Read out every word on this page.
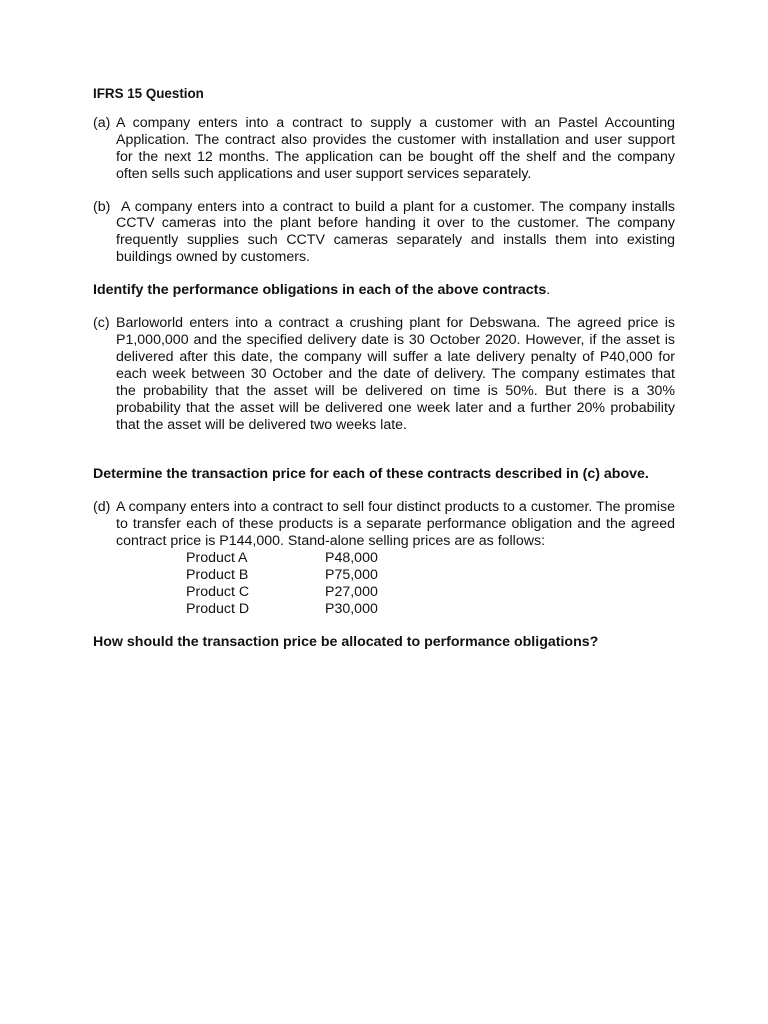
IFRS 15 Question
(a) A company enters into a contract to supply a customer with an Pastel Accounting Application. The contract also provides the customer with installation and user support for the next 12 months. The application can be bought off the shelf and the company often sells such applications and user support services separately.
(b) A company enters into a contract to build a plant for a customer. The company installs CCTV cameras into the plant before handing it over to the customer. The company frequently supplies such CCTV cameras separately and installs them into existing buildings owned by customers.
Identify the performance obligations in each of the above contracts.
(c) Barloworld enters into a contract a crushing plant for Debswana. The agreed price is P1,000,000 and the specified delivery date is 30 October 2020. However, if the asset is delivered after this date, the company will suffer a late delivery penalty of P40,000 for each week between 30 October and the date of delivery. The company estimates that the probability that the asset will be delivered on time is 50%. But there is a 30% probability that the asset will be delivered one week later and a further 20% probability that the asset will be delivered two weeks late.
Determine the transaction price for each of these contracts described in (c) above.
(d) A company enters into a contract to sell four distinct products to a customer. The promise to transfer each of these products is a separate performance obligation and the agreed contract price is P144,000. Stand-alone selling prices are as follows:
Product A	P48,000
Product B	P75,000
Product C	P27,000
Product D	P30,000
How should the transaction price be allocated to performance obligations?
